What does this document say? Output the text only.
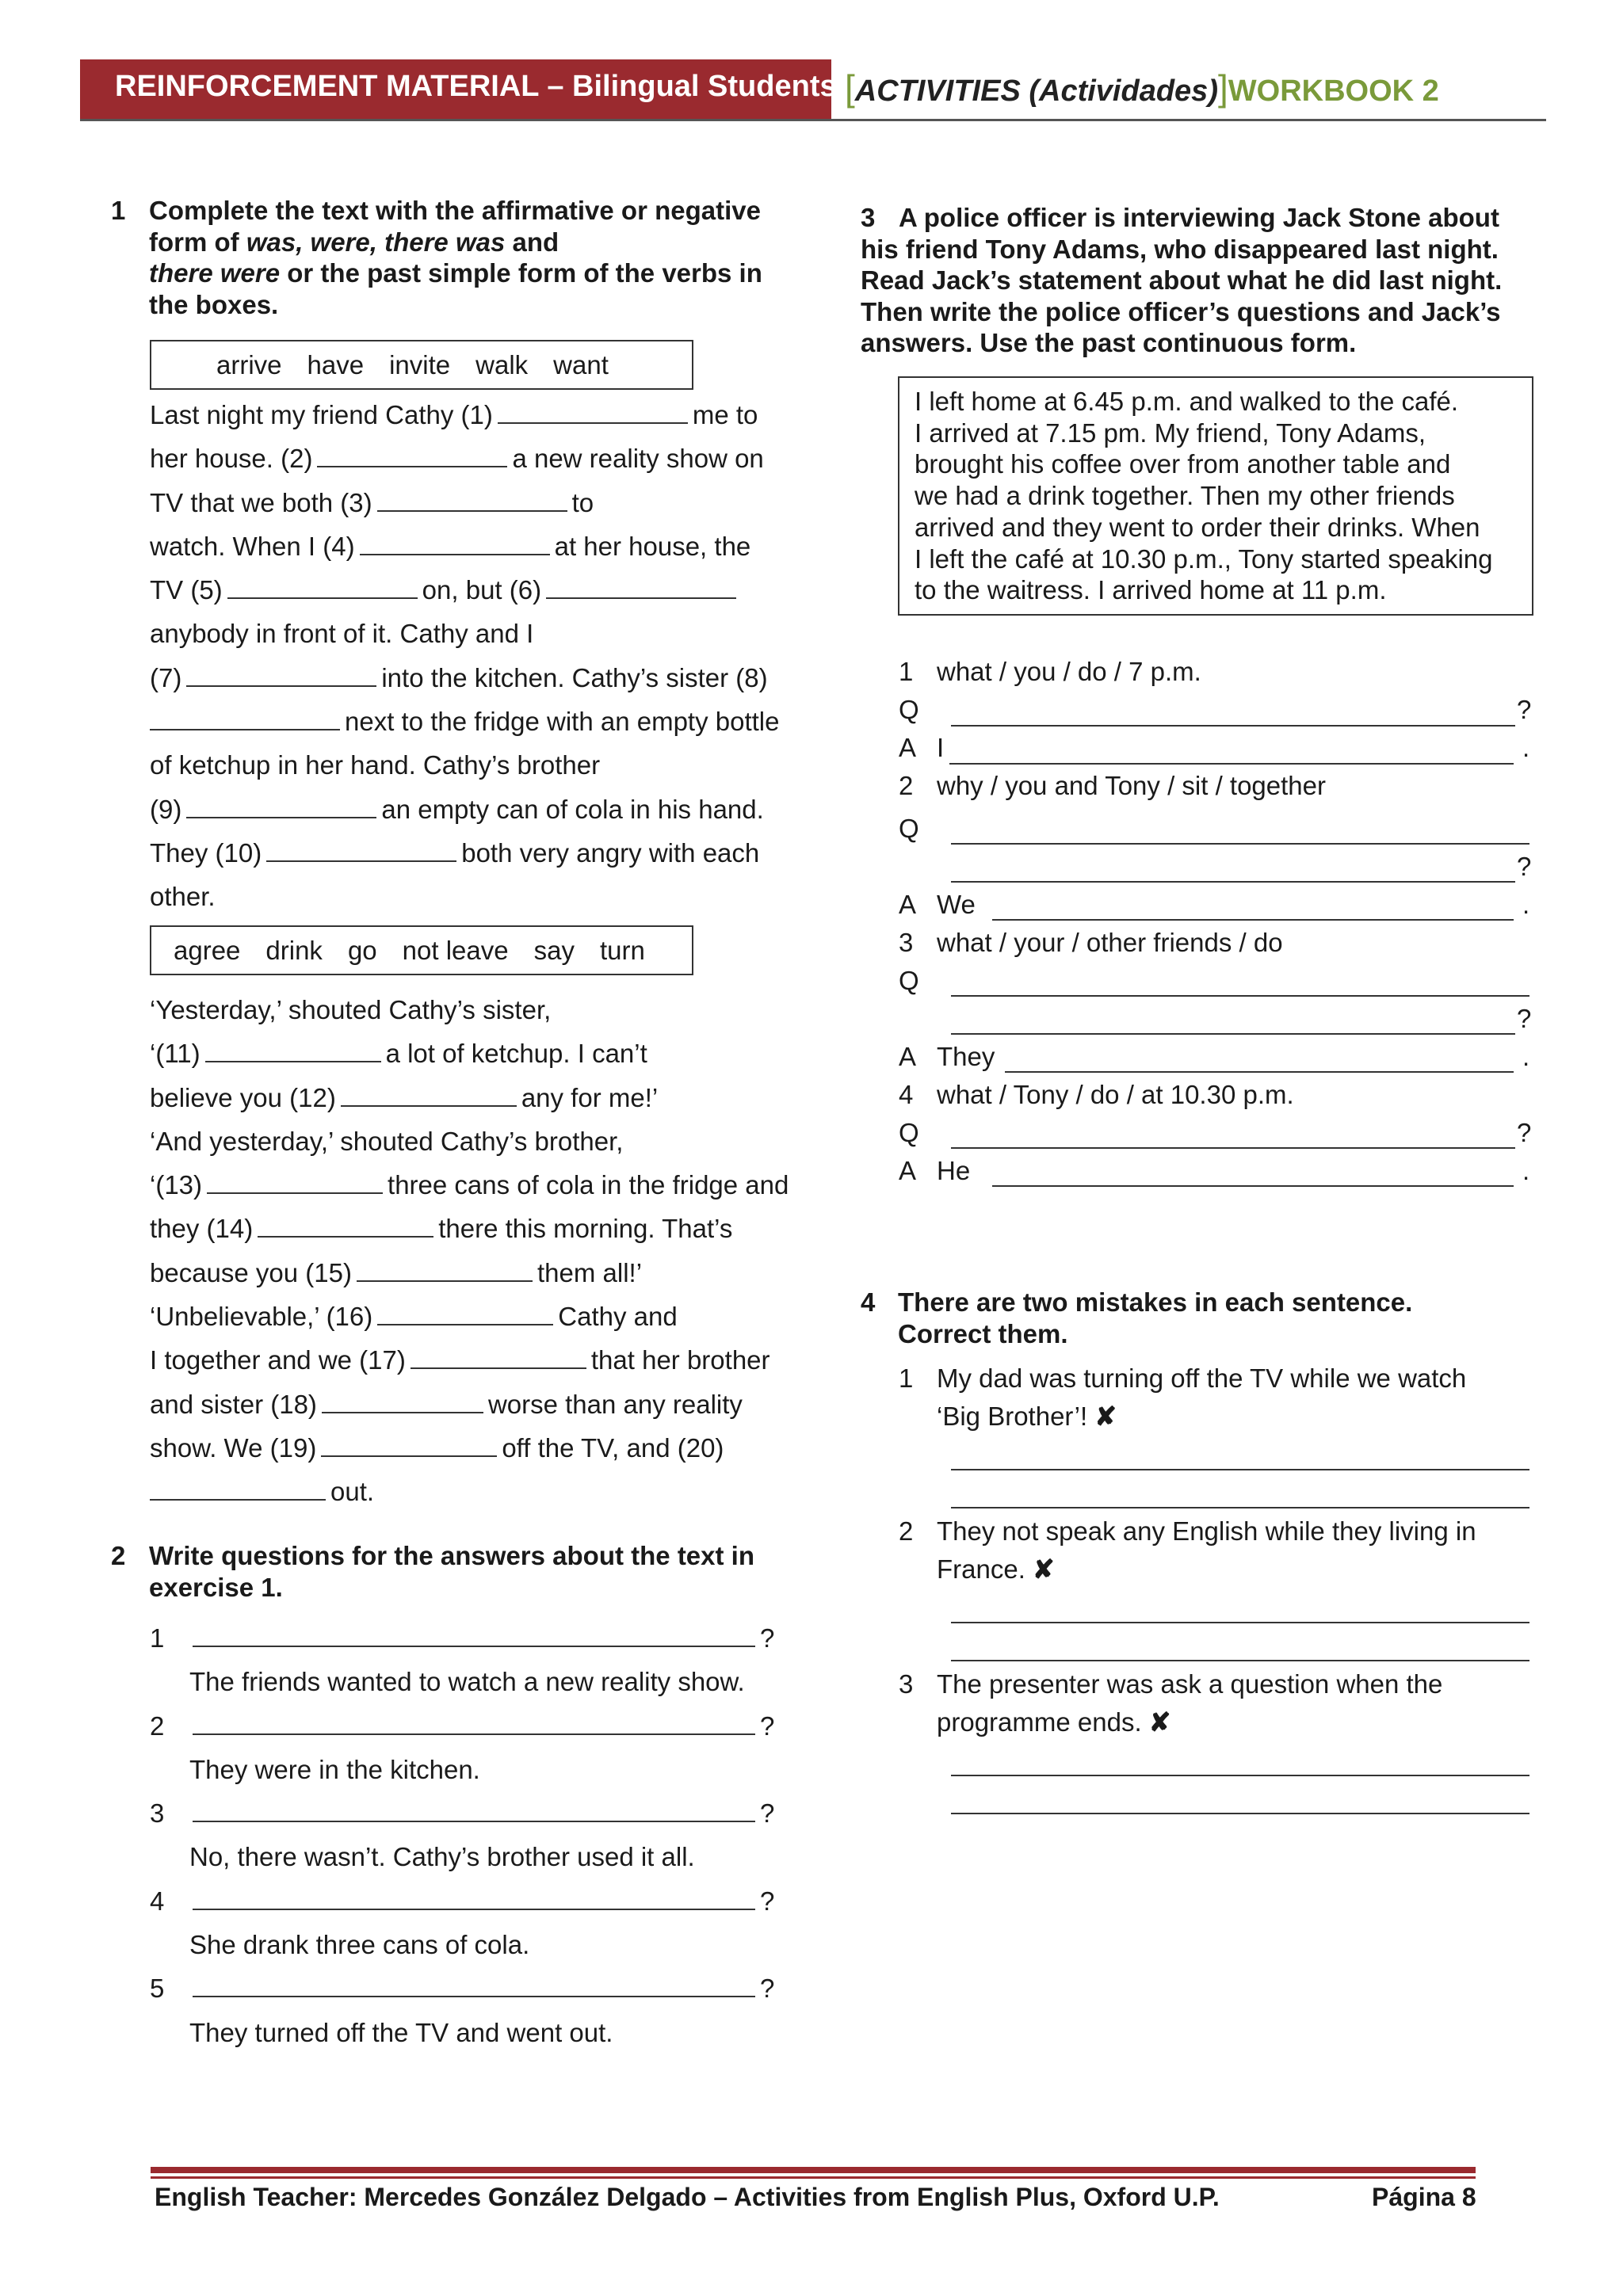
REINFORCEMENT MATERIAL – Bilingual Students [ACTIVITIES (Actividades)]WORKBOOK 2
1 Complete the text with the affirmative or negative
form of was, were, there was and
there were or the past simple form of the verbs in
the boxes.
arrive have invite walk want
Last night my friend Cathy (1)	me to
her house. (2)	a new reality show on
TV that we both (3)	to
watch. When I (4)	at her house, the
TV (5)	on, but (6)
anybody in front of it. Cathy and I
(7)	into the kitchen. Cathy’s sister (8)
next to the fridge with an empty bottle
of ketchup in her hand. Cathy’s brother
(9)	an empty can of cola in his hand.
They (10)	both very angry with each
other.
agree drink go not leave say turn
‘Yesterday,’ shouted Cathy’s sister,
‘(11)	a lot of ketchup. I can’t
believe you (12)	any for me!’
‘And yesterday,’ shouted Cathy’s brother,
‘(13)	three cans of cola in the fridge and
they (14)	there this morning. That’s
because you (15)	them all!’
‘Unbelievable,’ (16)	Cathy and
I together and we (17)	that her brother
and sister (18)	worse than any reality
show. We (19)	off the TV, and (20)
out.
2 Write questions for the answers about the text in
exercise 1.
1	?
The friends wanted to watch a new reality show.
2	?
They were in the kitchen.
3	?
No, there wasn’t. Cathy’s brother used it all.
4	?
She drank three cans of cola.
5	?
They turned off the TV and went out.
3 A police officer is interviewing Jack Stone about
his friend Tony Adams, who disappeared last night.
Read Jack’s statement about what he did last night.
Then write the police officer’s questions and Jack’s
answers. Use the past continuous form.
I left home at 6.45 p.m. and walked to the café.
I arrived at 7.15 pm. My friend, Tony Adams,
brought his coffee over from another table and
we had a drink together. Then my other friends
arrived and they went to order their drinks. When
I left the café at 10.30 p.m., Tony started speaking
to the waitress. I arrived home at 11 p.m.
1 what / you / do / 7 p.m.
Q	?
A I	.
2 why / you and Tony / sit / together
Q
?
A We	.
3 what / your / other friends / do
Q
?
A They	.
4 what / Tony / do / at 10.30 p.m.
Q	?
A He	.
4 There are two mistakes in each sentence.
Correct them.
1 My dad was turning off the TV while we watch
‘Big Brother’! ✘
2 They not speak any English while they living in
France. ✘
3 The presenter was ask a question when the
programme ends. ✘
English Teacher: Mercedes González Delgado – Activities from English Plus, Oxford U.P.	Página 8
